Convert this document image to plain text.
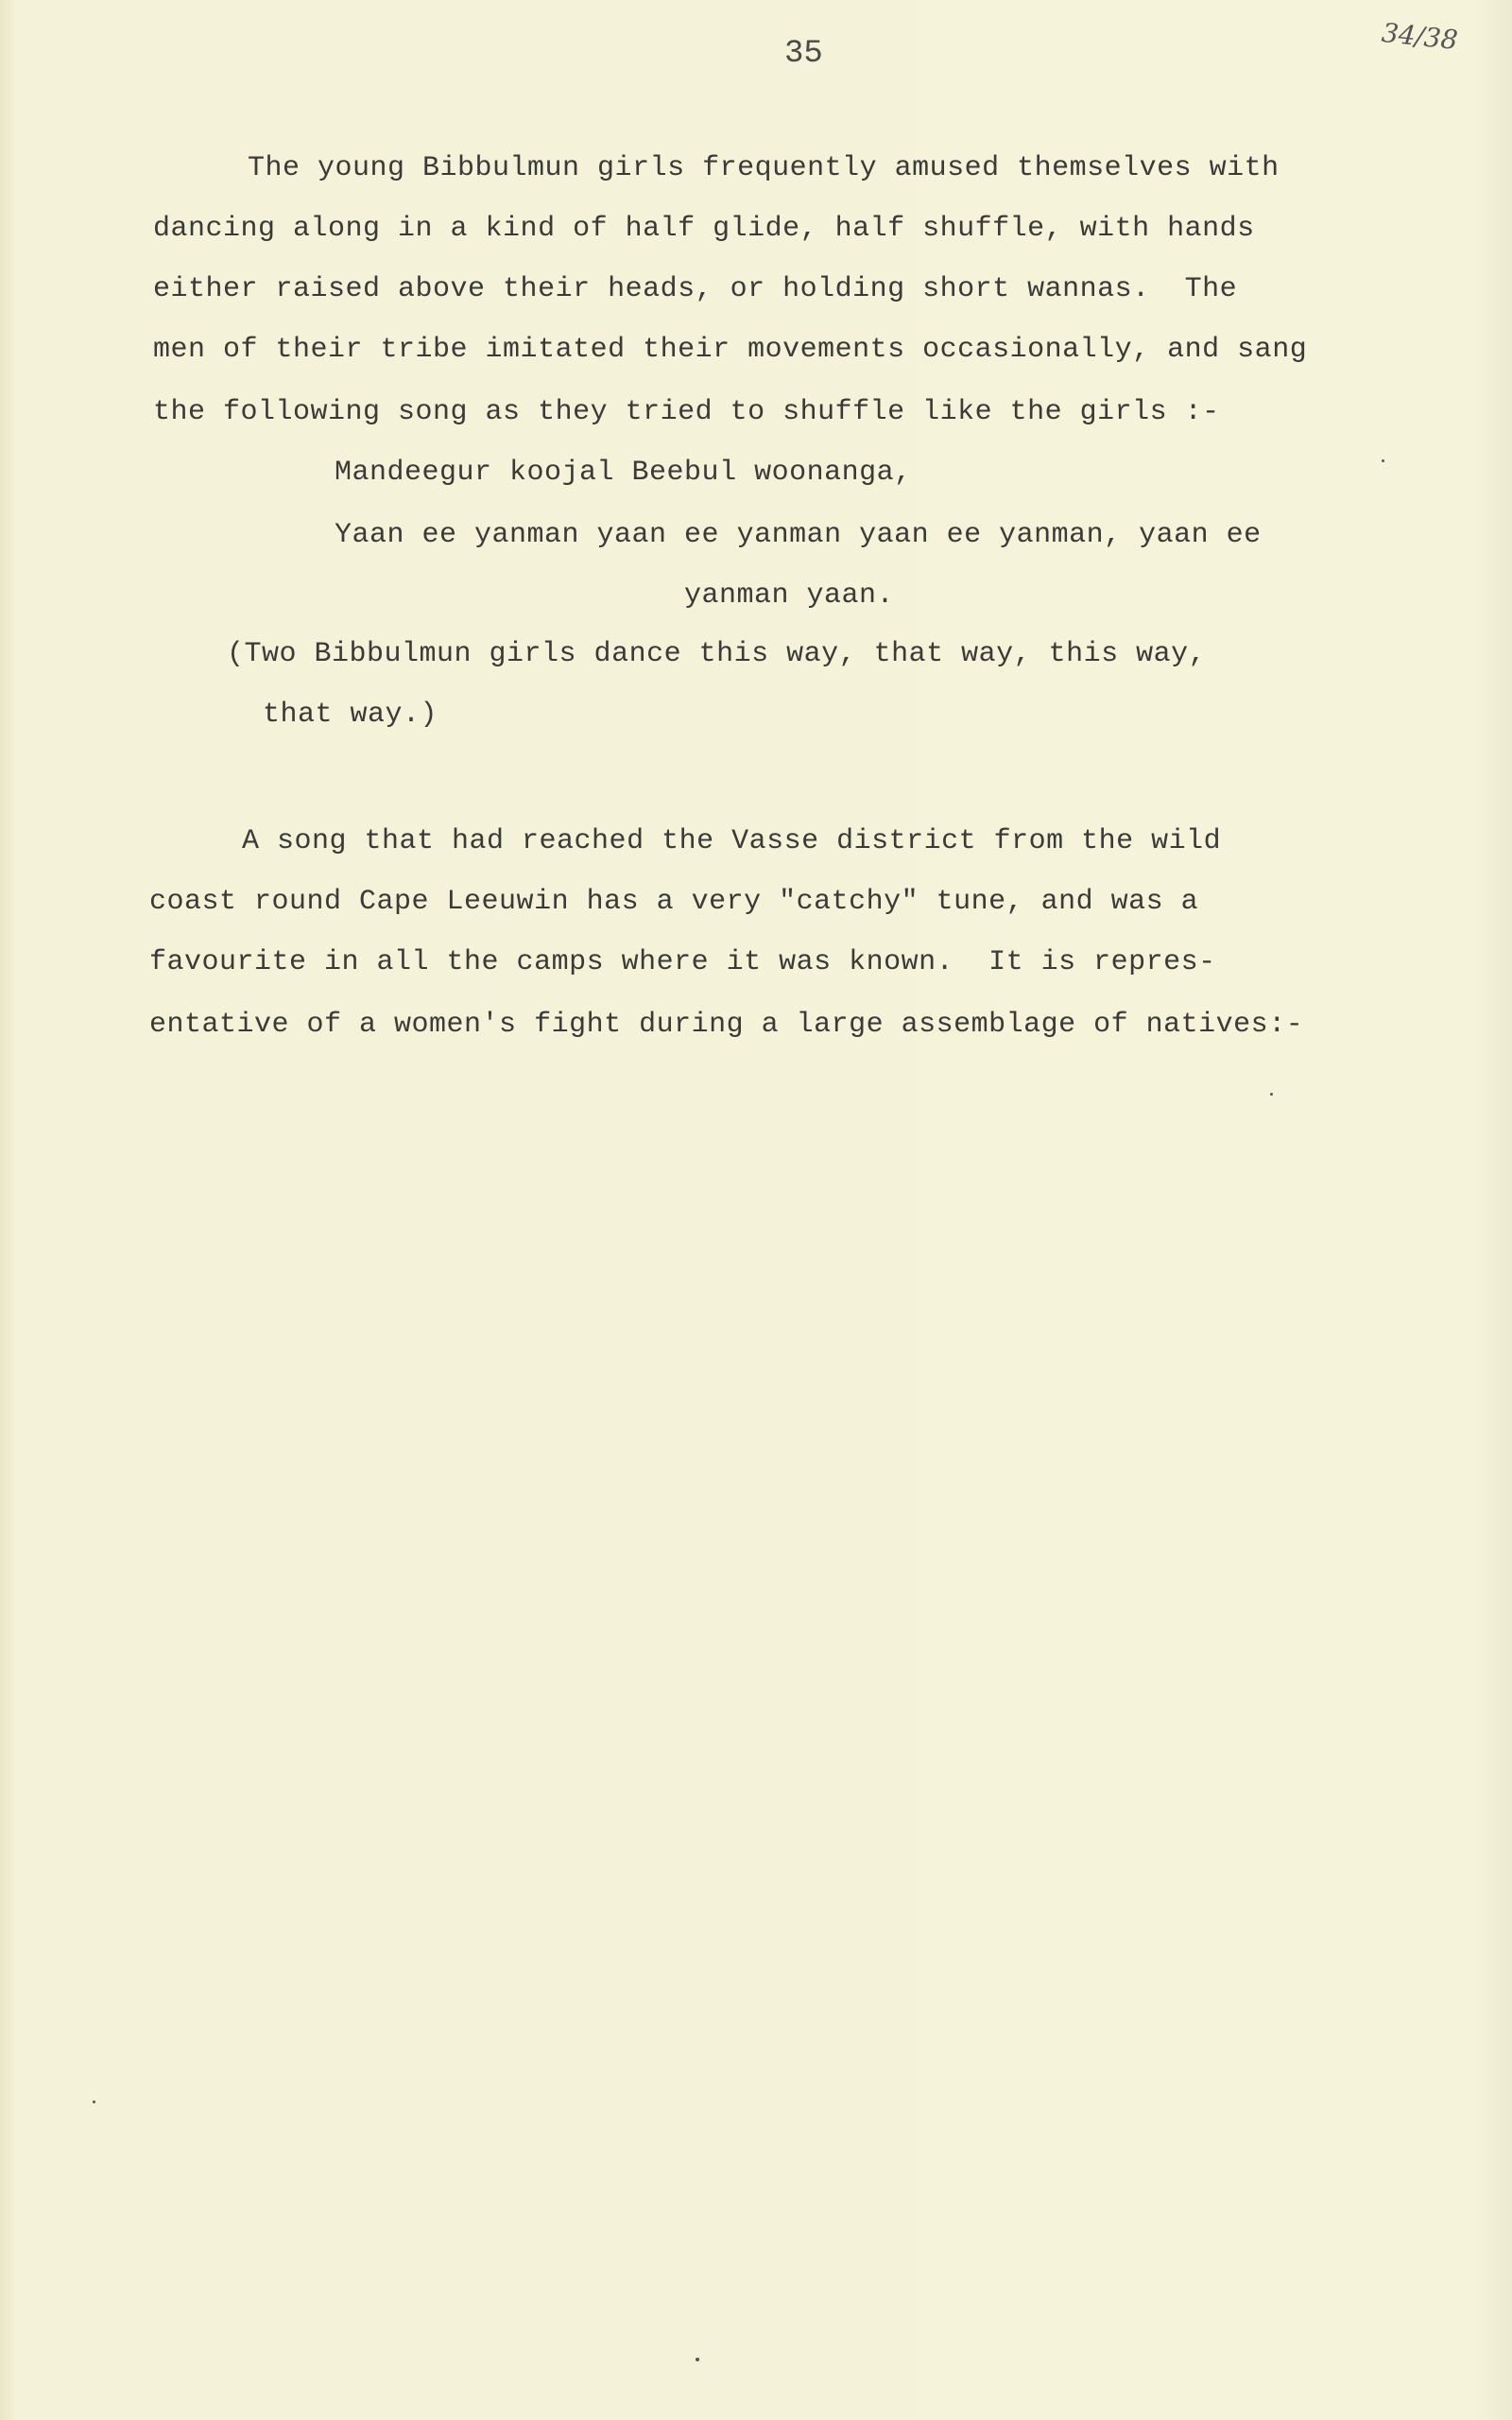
35	34/38
The young Bibbulmun girls frequently amused themselves with
dancing along in a kind of half glide, half shuffle, with hands
either raised above their heads, or holding short wannas.  The
men of their tribe imitated their movements occasionally, and sang
the following song as they tried to shuffle like the girls :-
Mandeegur koojal Beebul woonanga,
Yaan ee yanman yaan ee yanman yaan ee yanman, yaan ee
yanman yaan.
(Two Bibbulmun girls dance this way, that way, this way,
that way.)
A song that had reached the Vasse district from the wild
coast round Cape Leeuwin has a very "catchy" tune, and was a
favourite in all the camps where it was known.  It is repres-
entative of a women's fight during a large assemblage of natives:-
